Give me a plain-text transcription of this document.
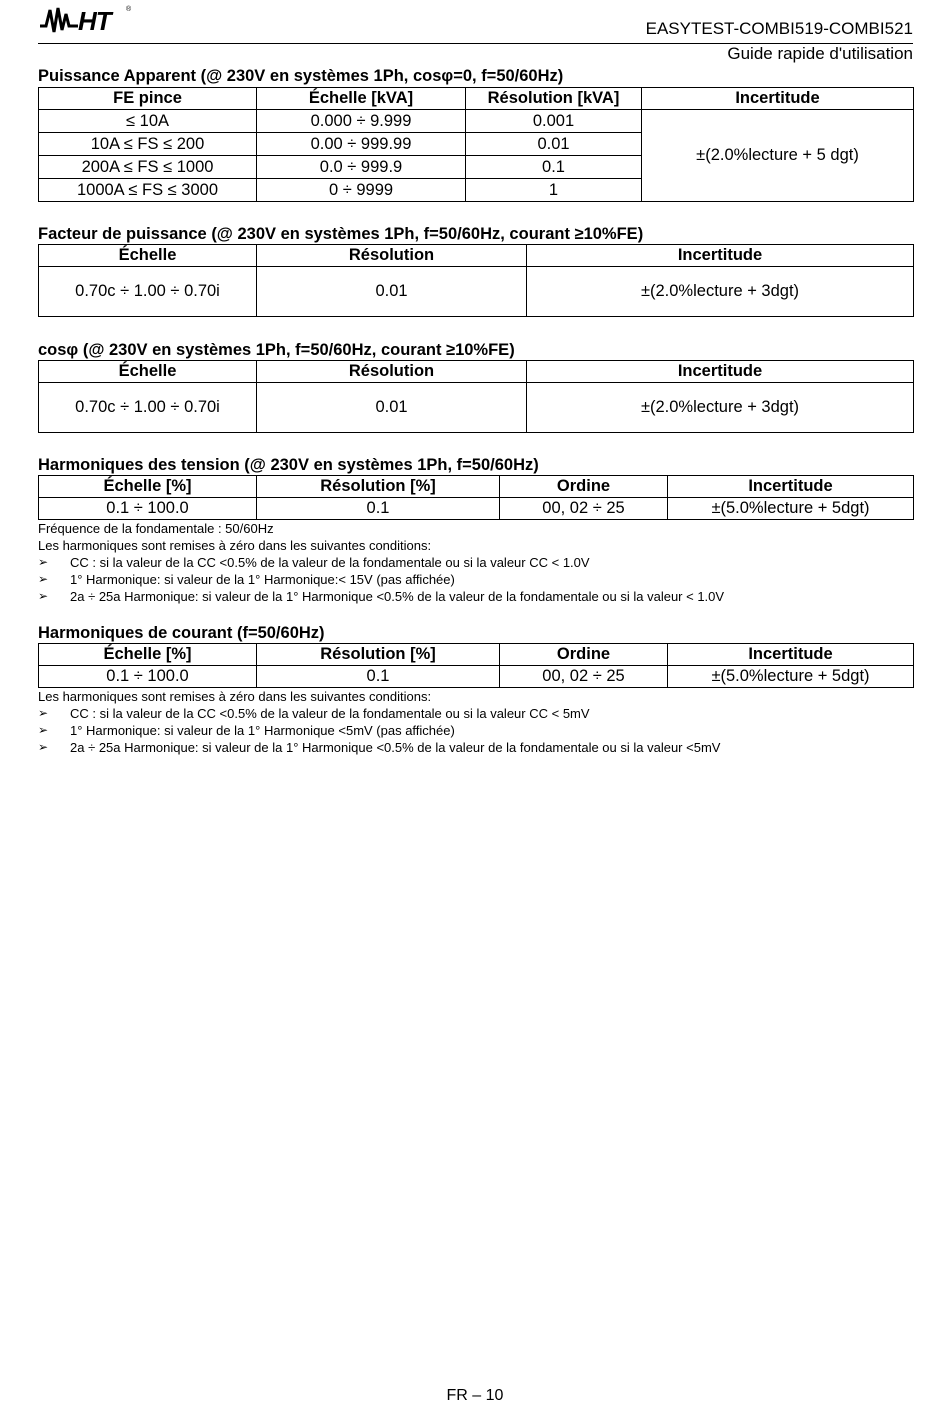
HT ®
EASYTEST-COMBI519-COMBI521
Guide rapide d'utilisation
Puissance Apparent (@ 230V en systèmes 1Ph, cosφ=0, f=50/60Hz)
FE pince	Échelle [kVA]	Résolution [kVA]	Incertitude
≤ 10A	0.000 ÷ 9.999	0.001	±(2.0%lecture + 5 dgt)
10A ≤ FS ≤ 200	0.00 ÷ 999.99	0.01	
200A ≤ FS ≤ 1000	0.0 ÷ 999.9	0.1	
1000A ≤ FS ≤ 3000	0 ÷ 9999	1	
Facteur de puissance (@ 230V en systèmes 1Ph, f=50/60Hz, courant ≥10%FE)
Échelle	Résolution	Incertitude
0.70c ÷ 1.00 ÷ 0.70i	0.01	±(2.0%lecture + 3dgt)
cosφ (@ 230V en systèmes 1Ph, f=50/60Hz, courant ≥10%FE)
Échelle	Résolution	Incertitude
0.70c ÷ 1.00 ÷ 0.70i	0.01	±(2.0%lecture + 3dgt)
Harmoniques des tension (@ 230V en systèmes 1Ph, f=50/60Hz)
Échelle [%]	Résolution [%]	Ordine	Incertitude
0.1 ÷ 100.0	0.1	00, 02 ÷ 25	±(5.0%lecture + 5dgt)
Fréquence de la fondamentale : 50/60Hz
Les harmoniques sont remises à zéro dans les suivantes conditions:
➢ CC : si la valeur de la CC <0.5% de la valeur de la fondamentale ou si la valeur CC < 1.0V
➢ 1° Harmonique: si valeur de la 1° Harmonique:< 15V (pas affichée)
➢ 2a ÷ 25a Harmonique: si valeur de la 1° Harmonique <0.5% de la valeur de la fondamentale ou si la valeur < 1.0V
Harmoniques de courant (f=50/60Hz)
Échelle [%]	Résolution [%]	Ordine	Incertitude
0.1 ÷ 100.0	0.1	00, 02 ÷ 25	±(5.0%lecture + 5dgt)
Les harmoniques sont remises à zéro dans les suivantes conditions:
➢ CC : si la valeur de la CC <0.5% de la valeur de la fondamentale ou si la valeur CC < 5mV
➢ 1° Harmonique: si valeur de la 1° Harmonique <5mV (pas affichée)
➢ 2a ÷ 25a Harmonique: si valeur de la 1° Harmonique <0.5% de la valeur de la fondamentale ou si la valeur <5mV
FR – 10
